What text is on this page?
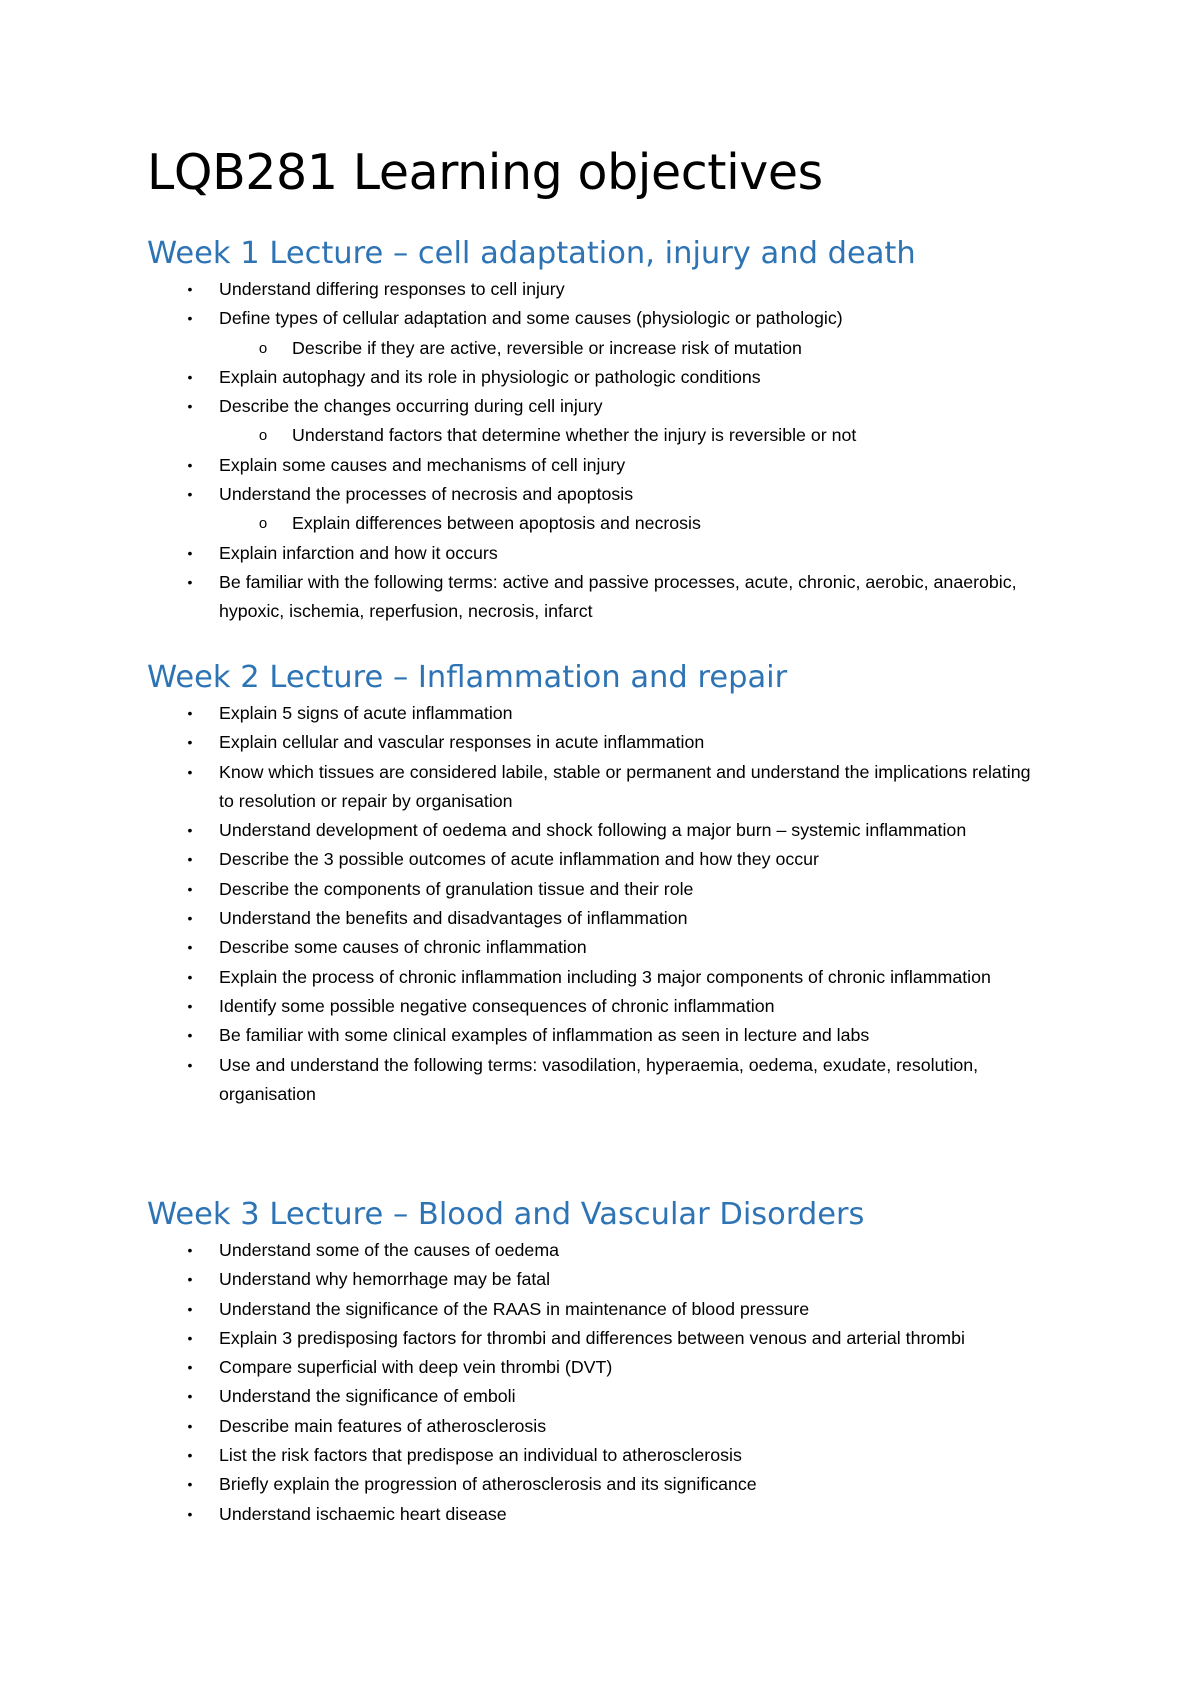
LQB281 Learning objectives
Week 1 Lecture – cell adaptation, injury and death
• Understand differing responses to cell injury
• Define types of cellular adaptation and some causes (physiologic or pathologic)
o Describe if they are active, reversible or increase risk of mutation
• Explain autophagy and its role in physiologic or pathologic conditions
• Describe the changes occurring during cell injury
o Understand factors that determine whether the injury is reversible or not
• Explain some causes and mechanisms of cell injury
• Understand the processes of necrosis and apoptosis
o Explain differences between apoptosis and necrosis
• Explain infarction and how it occurs
• Be familiar with the following terms: active and passive processes, acute, chronic, aerobic, anaerobic, hypoxic, ischemia, reperfusion, necrosis, infarct
Week 2 Lecture – Inflammation and repair
• Explain 5 signs of acute inflammation
• Explain cellular and vascular responses in acute inflammation
• Know which tissues are considered labile, stable or permanent and understand the implications relating to resolution or repair by organisation
• Understand development of oedema and shock following a major burn – systemic inflammation
• Describe the 3 possible outcomes of acute inflammation and how they occur
• Describe the components of granulation tissue and their role
• Understand the benefits and disadvantages of inflammation
• Describe some causes of chronic inflammation
• Explain the process of chronic inflammation including 3 major components of chronic inflammation
• Identify some possible negative consequences of chronic inflammation
• Be familiar with some clinical examples of inflammation as seen in lecture and labs
• Use and understand the following terms: vasodilation, hyperaemia, oedema, exudate, resolution, organisation
Week 3 Lecture – Blood and Vascular Disorders
• Understand some of the causes of oedema
• Understand why hemorrhage may be fatal
• Understand the significance of the RAAS in maintenance of blood pressure
• Explain 3 predisposing factors for thrombi and differences between venous and arterial thrombi
• Compare superficial with deep vein thrombi (DVT)
• Understand the significance of emboli
• Describe main features of atherosclerosis
• List the risk factors that predispose an individual to atherosclerosis
• Briefly explain the progression of atherosclerosis and its significance
• Understand ischaemic heart disease
